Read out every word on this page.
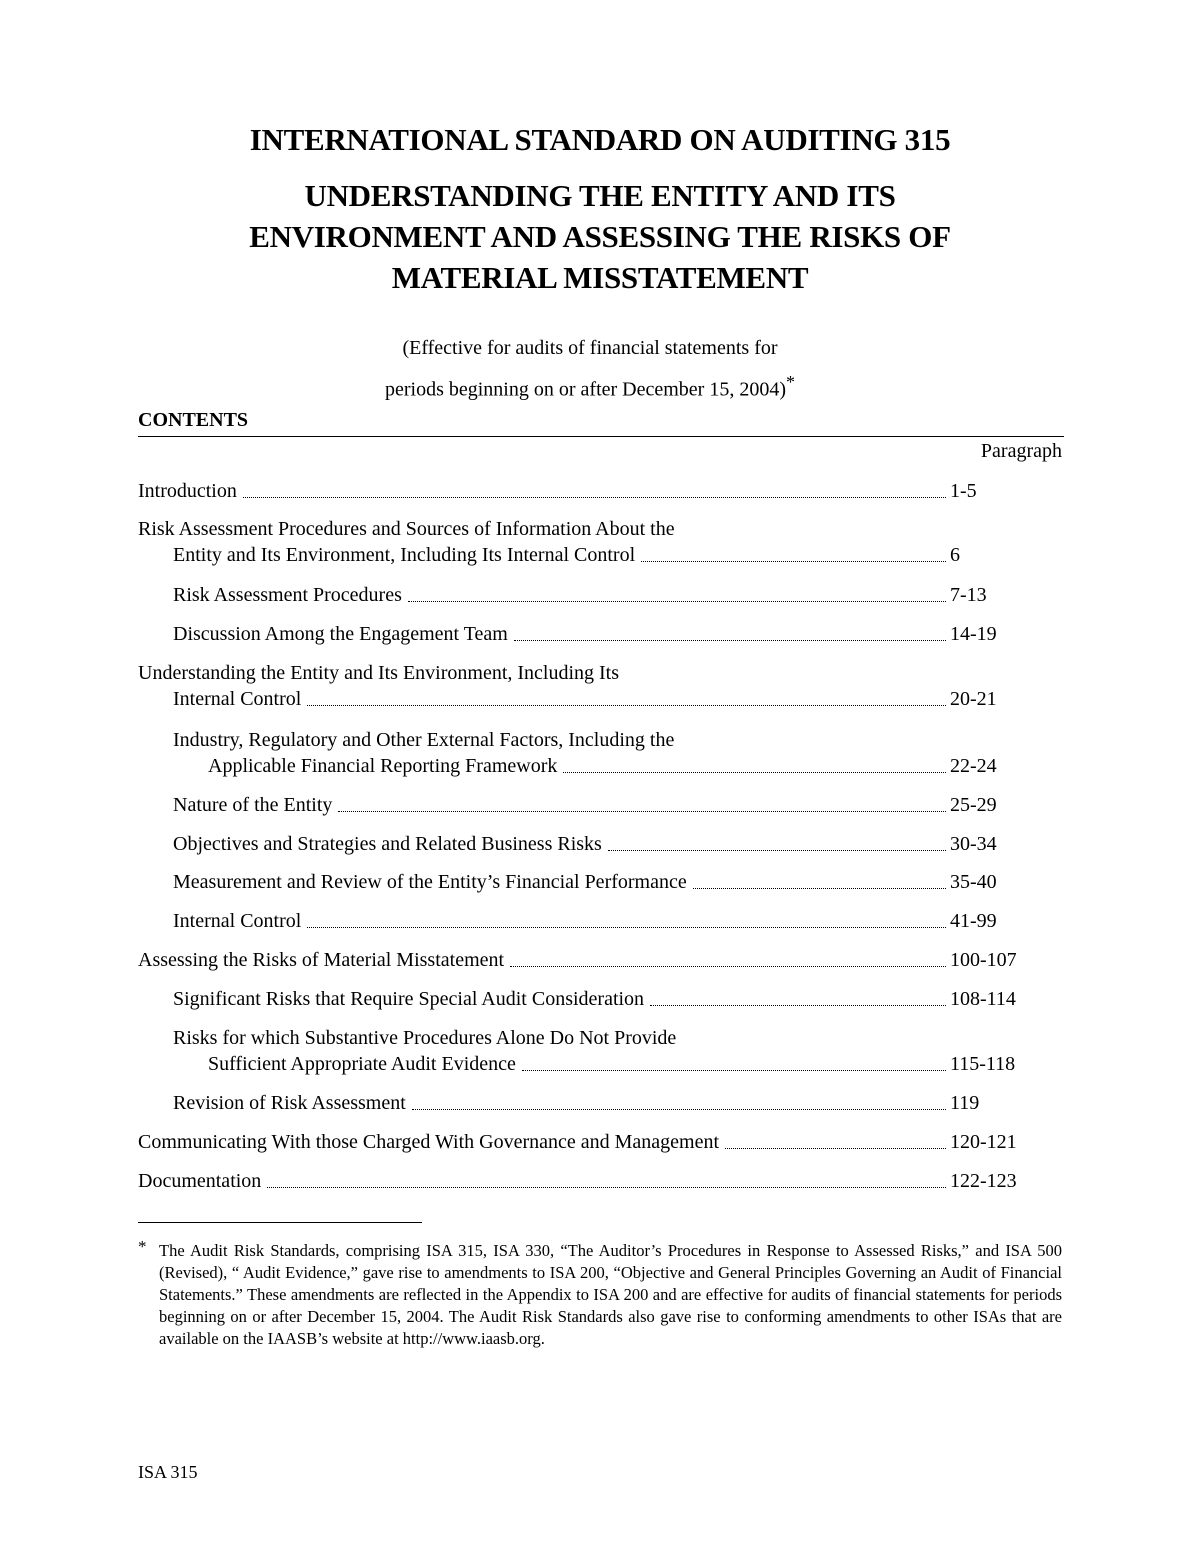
INTERNATIONAL STANDARD ON AUDITING 315
UNDERSTANDING THE ENTITY AND ITS
ENVIRONMENT AND ASSESSING THE RISKS OF
MATERIAL MISSTATEMENT
(Effective for audits of financial statements for
periods beginning on or after December 15, 2004)*
CONTENTS
Paragraph
Introduction	1-5
Risk Assessment Procedures and Sources of Information About the
Entity and Its Environment, Including Its Internal Control	6
Risk Assessment Procedures	7-13
Discussion Among the Engagement Team	14-19
Understanding the Entity and Its Environment, Including Its
Internal Control	20-21
Industry, Regulatory and Other External Factors, Including the
Applicable Financial Reporting Framework	22-24
Nature of the Entity	25-29
Objectives and Strategies and Related Business Risks	30-34
Measurement and Review of the Entity’s Financial Performance	35-40
Internal Control	41-99
Assessing the Risks of Material Misstatement	100-107
Significant Risks that Require Special Audit Consideration	108-114
Risks for which Substantive Procedures Alone Do Not Provide
Sufficient Appropriate Audit Evidence	115-118
Revision of Risk Assessment	119
Communicating With those Charged With Governance and Management	120-121
Documentation	122-123
* The Audit Risk Standards, comprising ISA 315, ISA 330, “The Auditor’s Procedures in Response to Assessed Risks,” and ISA 500 (Revised), “ Audit Evidence,” gave rise to amendments to ISA 200, “Objective and General Principles Governing an Audit of Financial Statements.” These amendments are reflected in the Appendix to ISA 200 and are effective for audits of financial statements for periods beginning on or after December 15, 2004. The Audit Risk Standards also gave rise to conforming amendments to other ISAs that are available on the IAASB’s website at http://www.iaasb.org.
ISA 315
